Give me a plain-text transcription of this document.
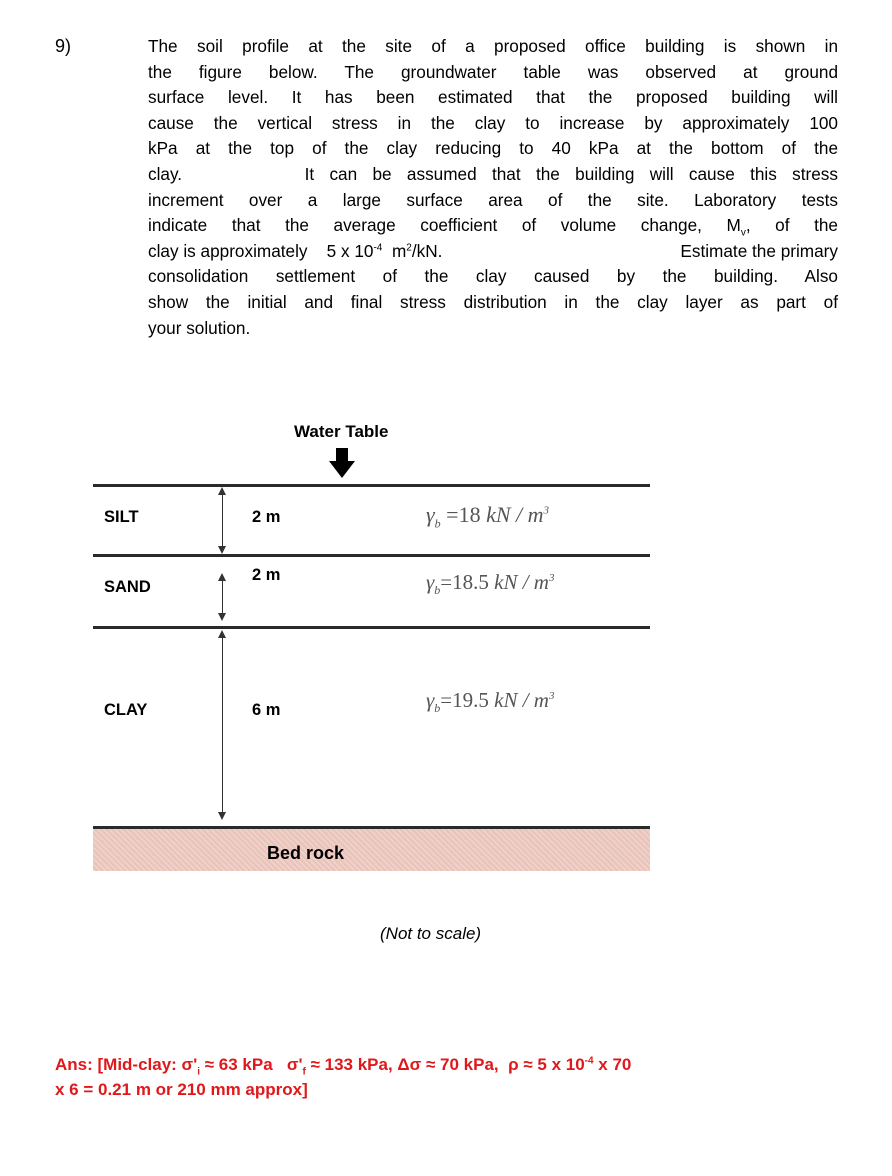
9)	The soil profile at the site of a proposed office building is shown in
the figure below. The groundwater table was observed at ground
surface level. It has been estimated that the proposed building will
cause the vertical stress in the clay to increase by approximately 100
kPa at the top of the clay reducing to 40 kPa at the bottom of the
clay.        It can be assumed that the building will cause this stress
increment over a large surface area of the site. Laboratory tests
indicate that the average coefficient of volume change, $M_v$, of the
clay is approximately 5 x $10^{-4}$ $m^2/kN$.	Estimate the primary
consolidation settlement of the clay caused by the building. Also
show the initial and final stress distribution in the clay layer as part of
your solution.
Water Table
SILT
SAND
CLAY
2 m
2 m
6 m
$\gamma_b =18$ kN / $m^3$
$\gamma_b=18.5$ kN / $m^3$
$\gamma_b=19.5$ kN / $m^3$
Bed rock
(Not to scale)
Ans: [Mid-clay: $\sigma'_i \approx 63$ kPa   $\sigma'_f \approx 133$ kPa, Δσ ≈ 70 kPa,  ρ ≈ 5 x $10^{-4}$ x 70
x 6 = 0.21 m or 210 mm approx]
